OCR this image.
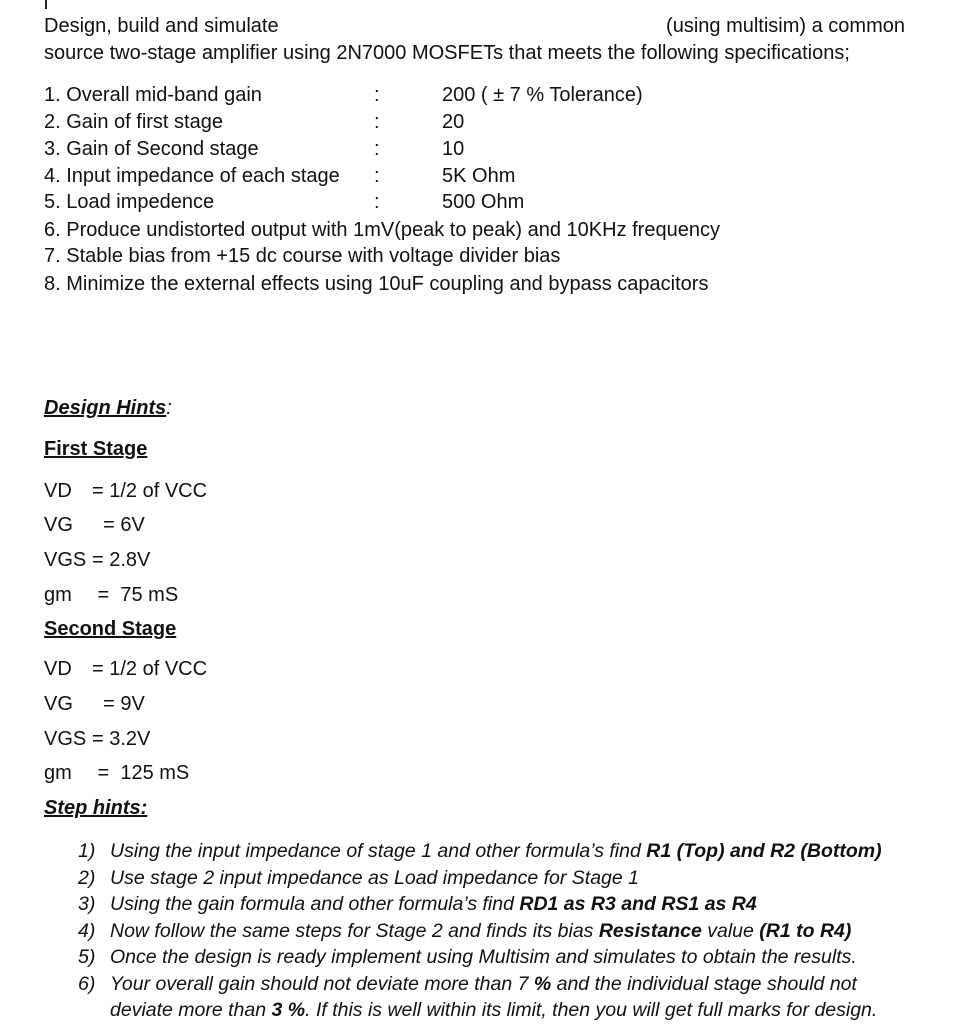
Design, build and simulate	(using multisim) a common
source two-stage amplifier using 2N7000 MOSFETs that meets the following specifications;
1. Overall mid-band gain	:	200 ( ± 7 % Tolerance)
2. Gain of first stage	:	20
3. Gain of Second stage	:	10
4. Input impedance of each stage :	5K Ohm
5. Load impedence	:	500 Ohm
6. Produce undistorted output with 1mV(peak to peak) and 10KHz frequency
7. Stable bias from +15 dc course with voltage divider bias
8. Minimize the external effects using 10uF coupling and bypass capacitors
Design Hints:
First Stage
VD = 1/2 of VCC
VG  = 6V
VGS = 2.8V
gm =  75 mS
Second Stage
VD = 1/2 of VCC
VG  = 9V
VGS = 3.2V
gm =  125 mS
Step hints:
1) Using the input impedance of stage 1 and other formula’s find R1 (Top) and R2 (Bottom)
2) Use stage 2 input impedance as Load impedance for Stage 1
3) Using the gain formula and other formula’s find RD1 as R3 and RS1 as R4
4) Now follow the same steps for Stage 2 and finds its bias Resistance value (R1 to R4)
5) Once the design is ready implement using Multisim and simulates to obtain the results.
6) Your overall gain should not deviate more than 7 % and the individual stage should not deviate more than 3 %. If this is well within its limit, then you will get full marks for design.
